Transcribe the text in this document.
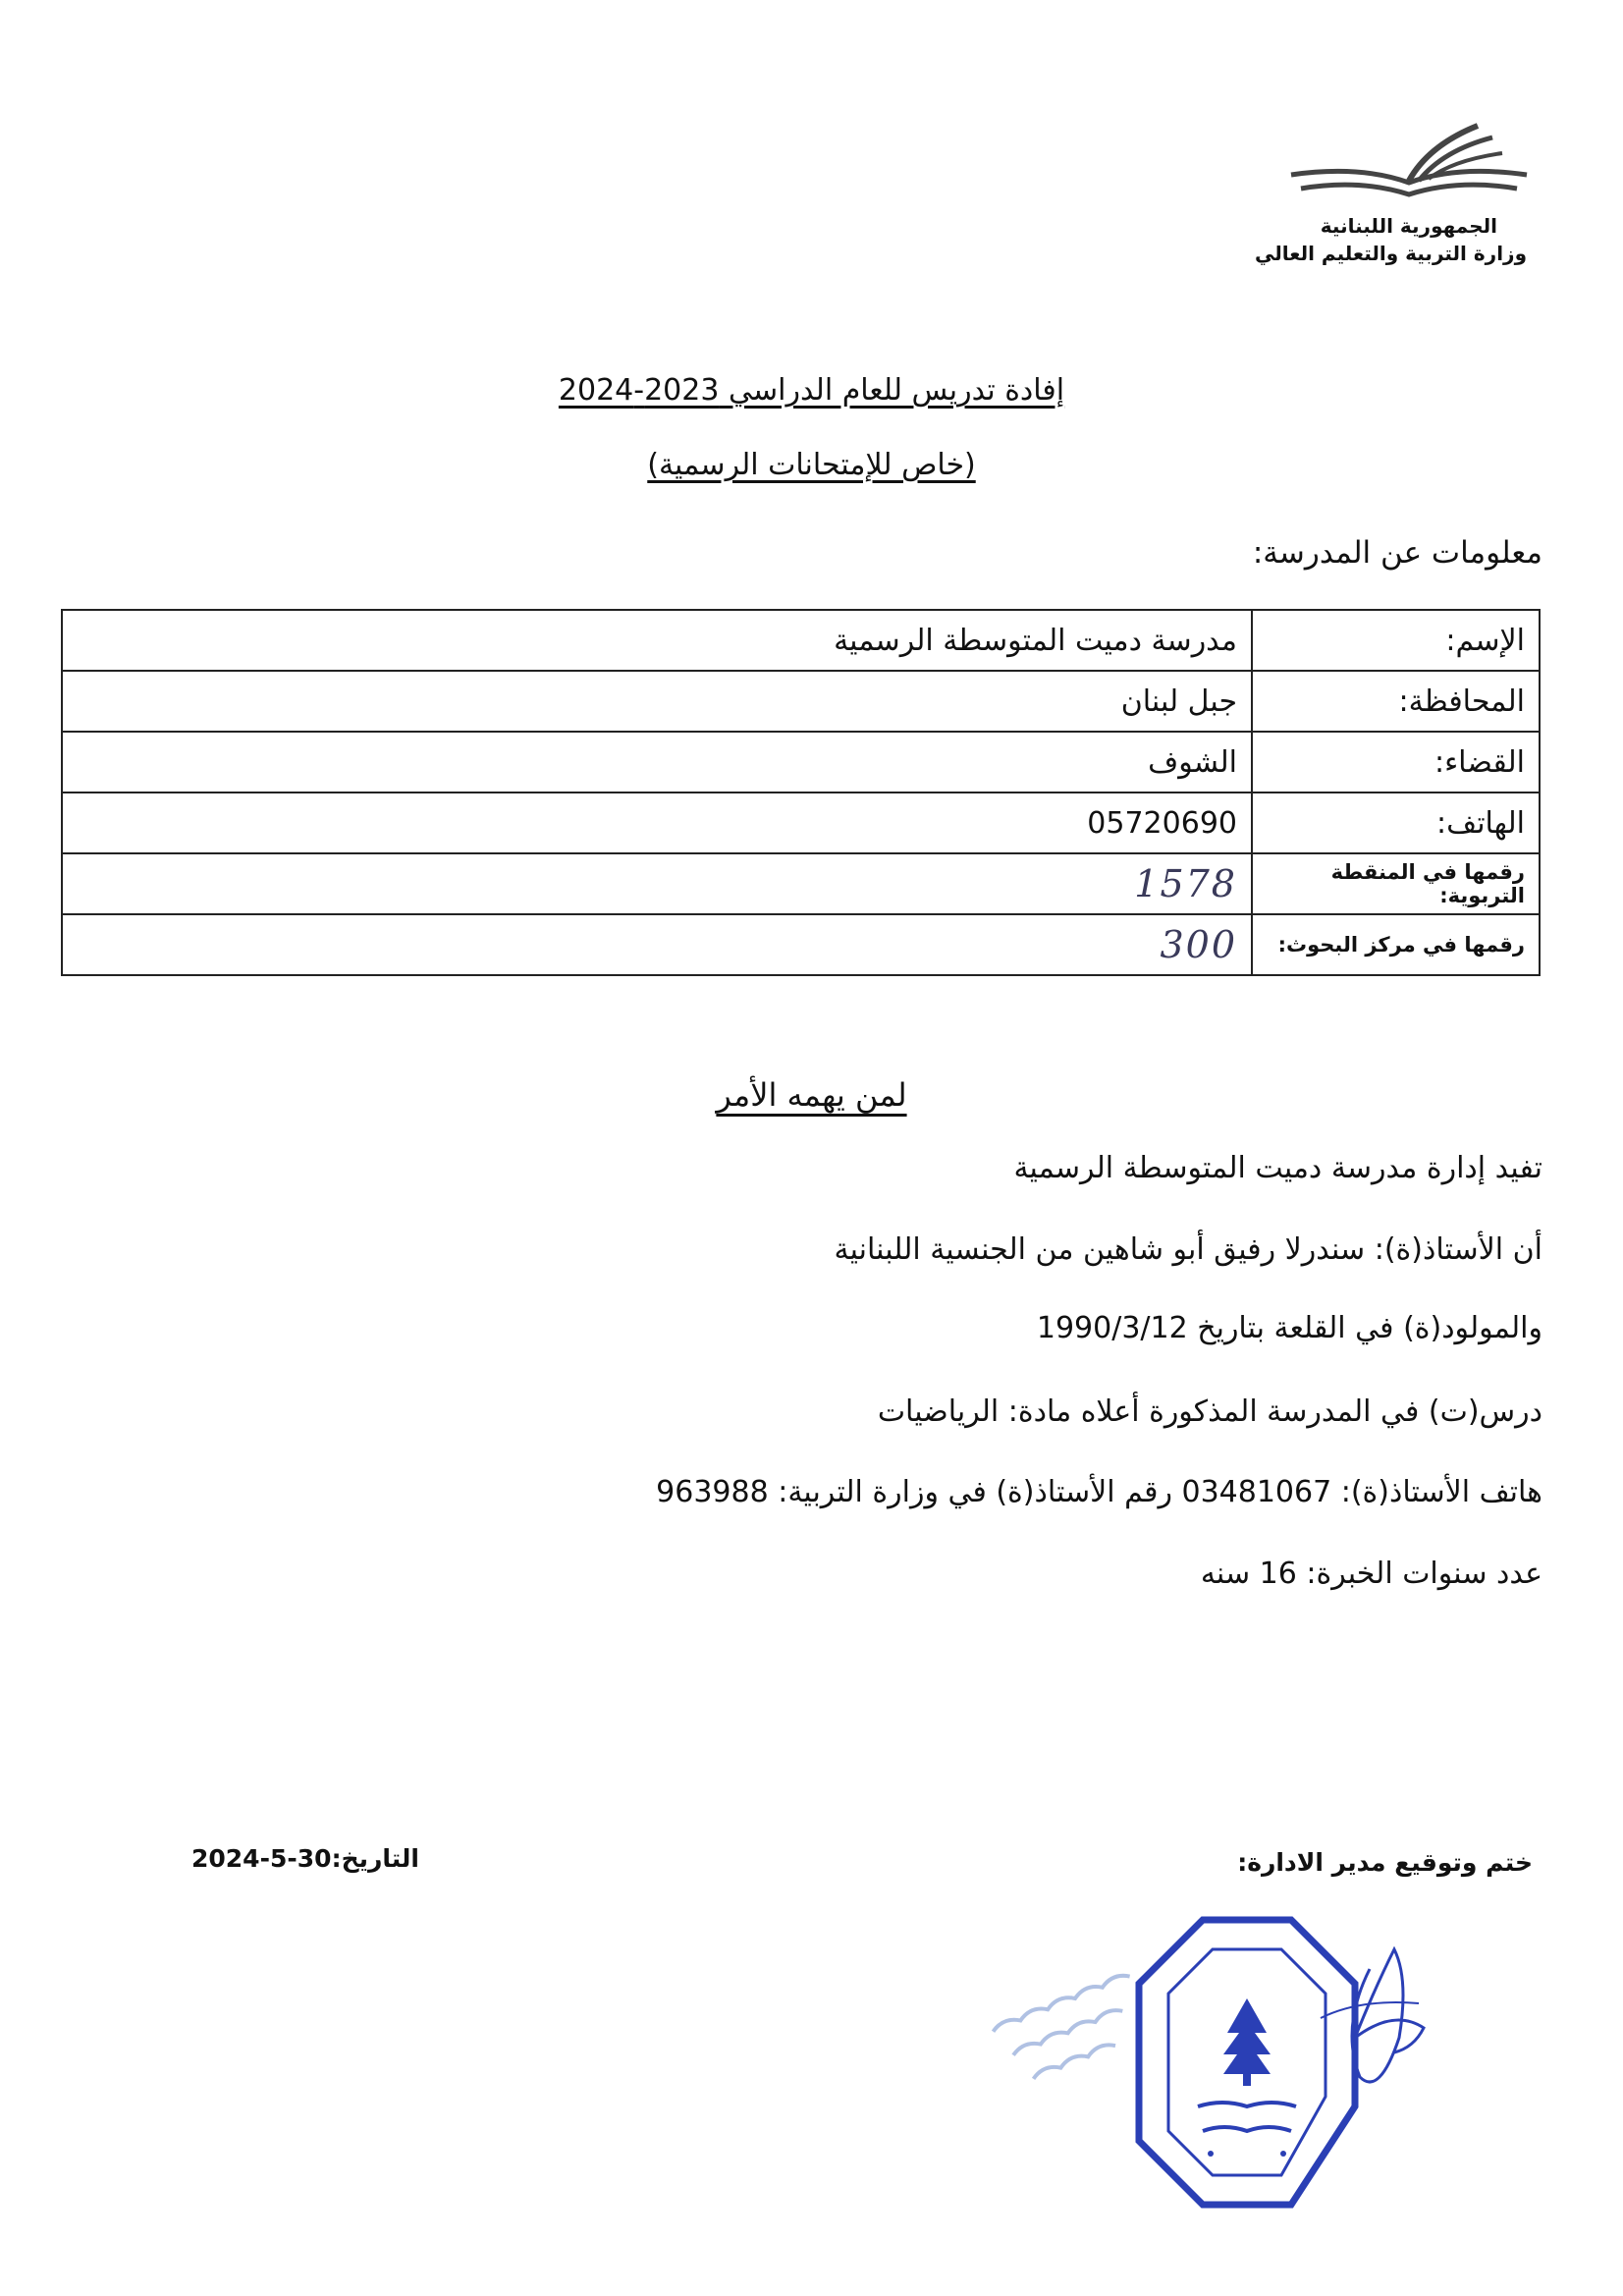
الجمهورية اللبنانية
وزارة التربية والتعليم العالي
إفادة تدريس للعام الدراسي 2023-2024
(خاص للإمتحانات الرسمية)
معلومات عن المدرسة:
الإسم:	مدرسة دميت المتوسطة الرسمية
المحافظة:	جبل لبنان
القضاء:	الشوف
الهاتف:	05720690
رقمها في المنقطة التربوية:	1578
رقمها في مركز البحوث:	300
لمن يهمه الأمر
تفيد إدارة مدرسة دميت المتوسطة الرسمية
أن الأستاذ(ة): سندرلا رفيق أبو شاهين من الجنسية اللبنانية
والمولود(ة) في القلعة بتاريخ 1990/3/12
درس(ت) في المدرسة المذكورة أعلاه مادة: الرياضيات
هاتف الأستاذ(ة): 03481067 رقم الأستاذ(ة) في وزارة التربية: 963988
عدد سنوات الخبرة: 16 سنه
ختم وتوقيع مدير الادارة:
التاريخ:30-5-2024
